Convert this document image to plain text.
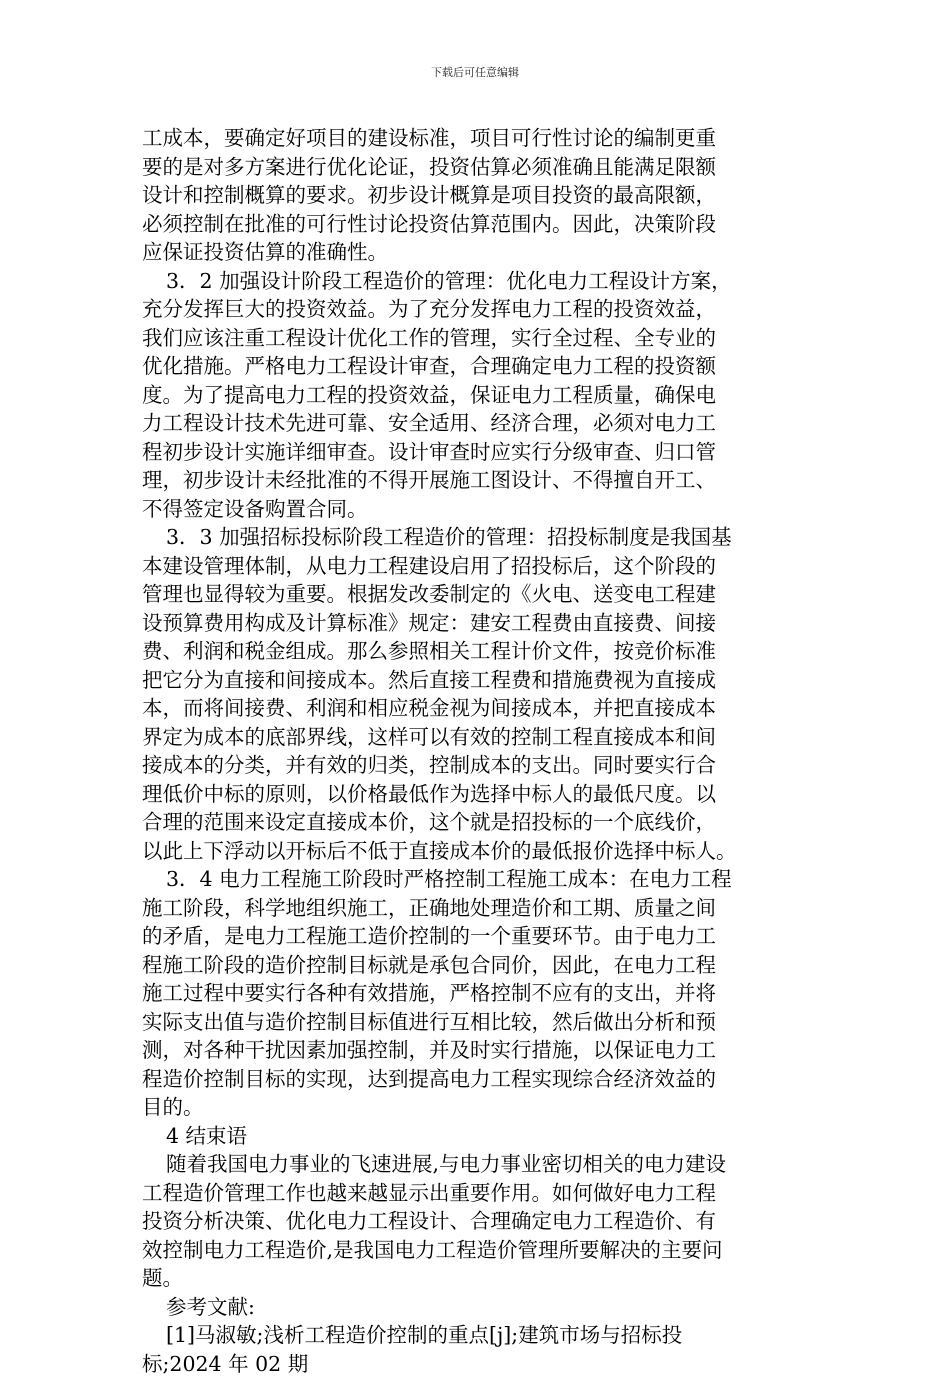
下载后可任意编辑
工成本，要确定好项目的建设标准，项目可行性讨论的编制更重
要的是对多方案进行优化论证，投资估算必须准确且能满足限额
设计和控制概算的要求。初步设计概算是项目投资的最高限额，
必须控制在批准的可行性讨论投资估算范围内。因此，决策阶段
应保证投资估算的准确性。
3．2 加强设计阶段工程造价的管理：优化电力工程设计方案，
充分发挥巨大的投资效益。为了充分发挥电力工程的投资效益，
我们应该注重工程设计优化工作的管理，实行全过程、全专业的
优化措施。严格电力工程设计审查，合理确定电力工程的投资额
度。为了提高电力工程的投资效益，保证电力工程质量，确保电
力工程设计技术先进可靠、安全适用、经济合理，必须对电力工
程初步设计实施详细审查。设计审查时应实行分级审查、归口管
理，初步设计未经批准的不得开展施工图设计、不得擅自开工、
不得签定设备购置合同。
3．3 加强招标投标阶段工程造价的管理：招投标制度是我国基
本建设管理体制，从电力工程建设启用了招投标后，这个阶段的
管理也显得较为重要。根据发改委制定的《火电、送变电工程建
设预算费用构成及计算标准》规定：建安工程费由直接费、间接
费、利润和税金组成。那么参照相关工程计价文件，按竞价标准
把它分为直接和间接成本。然后直接工程费和措施费视为直接成
本，而将间接费、利润和相应税金视为间接成本，并把直接成本
界定为成本的底部界线，这样可以有效的控制工程直接成本和间
接成本的分类，并有效的归类，控制成本的支出。同时要实行合
理低价中标的原则，以价格最低作为选择中标人的最低尺度。以
合理的范围来设定直接成本价，这个就是招投标的一个底线价，
以此上下浮动以开标后不低于直接成本价的最低报价选择中标人。
3．4 电力工程施工阶段时严格控制工程施工成本：在电力工程
施工阶段，科学地组织施工，正确地处理造价和工期、质量之间
的矛盾，是电力工程施工造价控制的一个重要环节。由于电力工
程施工阶段的造价控制目标就是承包合同价，因此，在电力工程
施工过程中要实行各种有效措施，严格控制不应有的支出，并将
实际支出值与造价控制目标值进行互相比较，然后做出分析和预
测，对各种干扰因素加强控制，并及时实行措施，以保证电力工
程造价控制目标的实现，达到提高电力工程实现综合经济效益的
目的。
4 结束语
随着我国电力事业的飞速进展,与电力事业密切相关的电力建设
工程造价管理工作也越来越显示出重要作用。如何做好电力工程
投资分析决策、优化电力工程设计、合理确定电力工程造价、有
效控制电力工程造价,是我国电力工程造价管理所要解决的主要问
题。
参考文献:
[1]马淑敏;浅析工程造价控制的重点[j];建筑市场与招标投
标;2024 年 02 期
